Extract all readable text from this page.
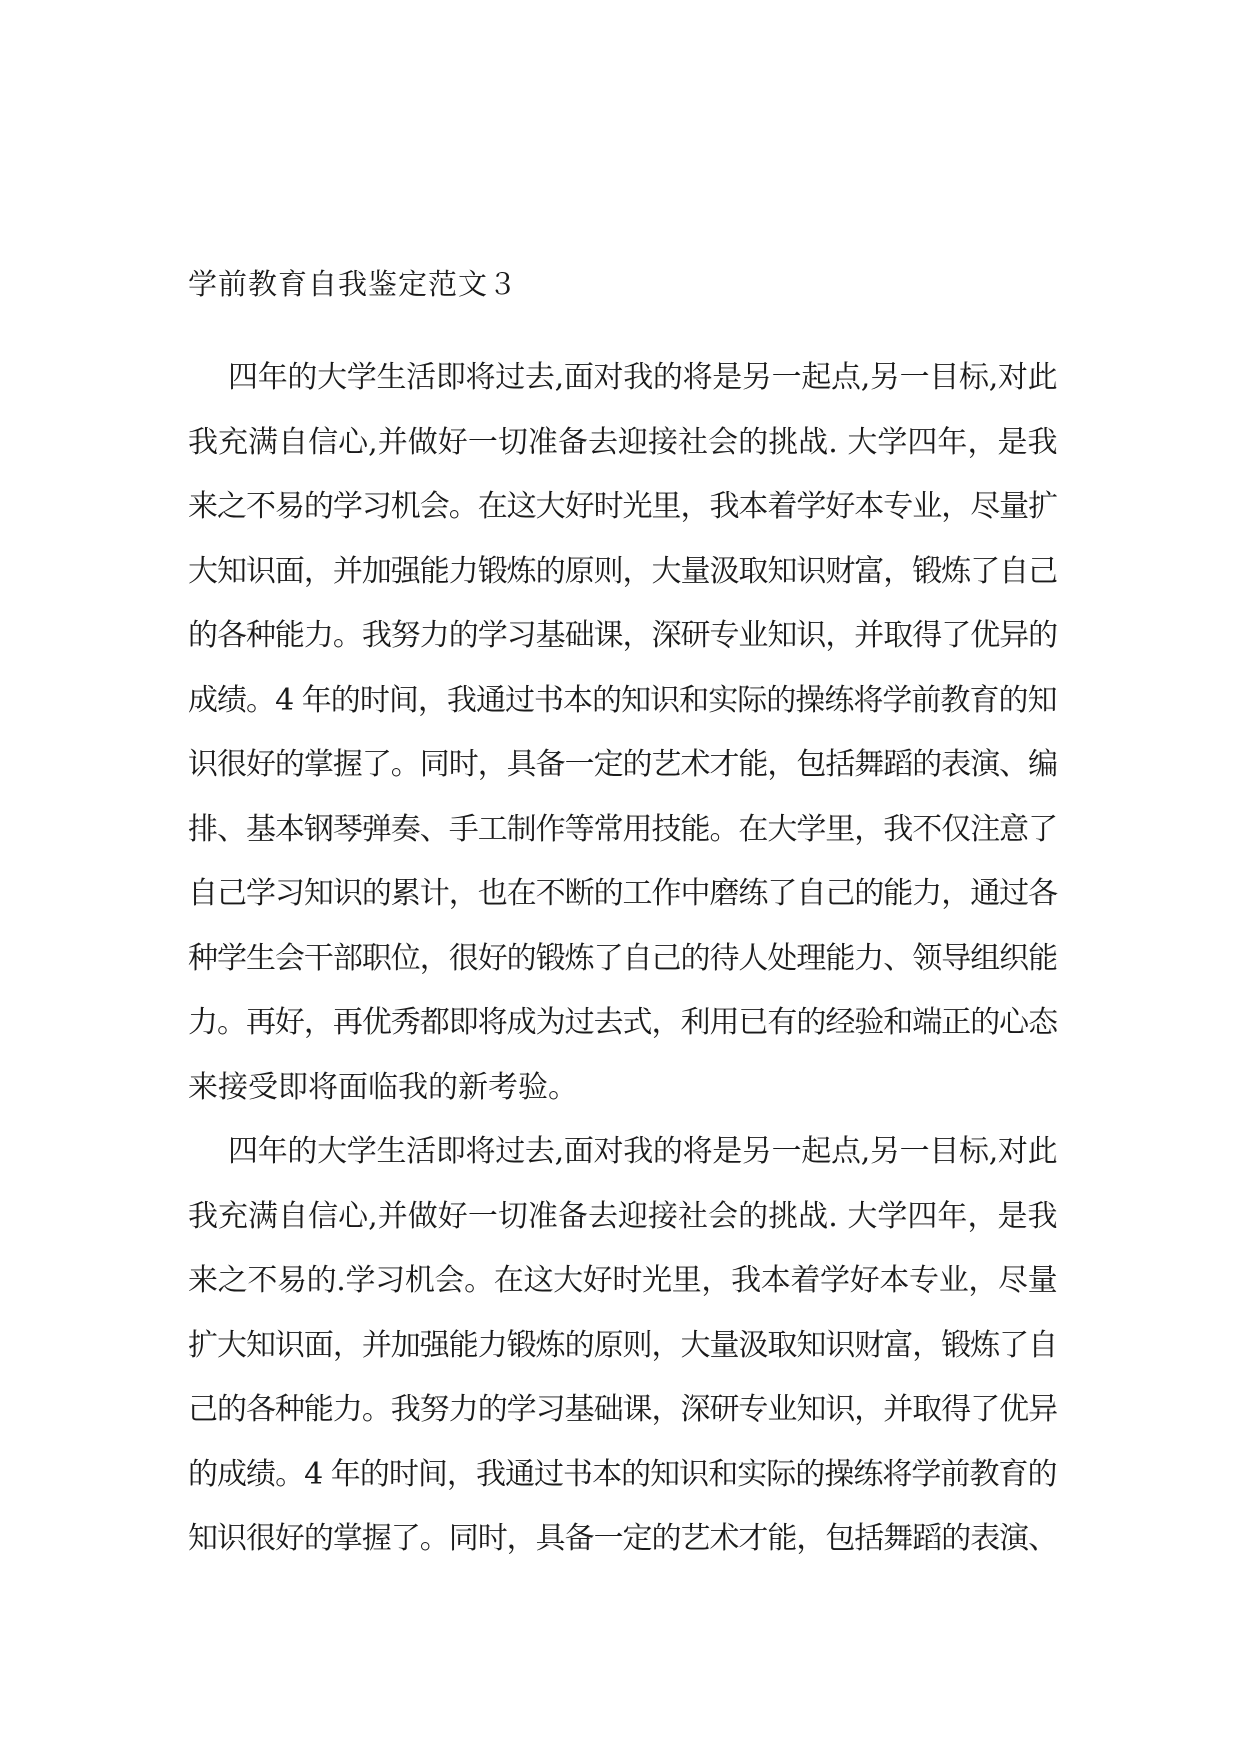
学前教育自我鉴定范文３
四年的大学生活即将过去,面对我的将是另一起点,另一目标,对此
我充满自信心,并做好一切准备去迎接社会的挑战. 大学四年，是我
来之不易的学习机会。在这大好时光里，我本着学好本专业，尽量扩
大知识面，并加强能力锻炼的原则，大量汲取知识财富，锻炼了自己
的各种能力。我努力的学习基础课，深研专业知识，并取得了优异的
成绩。4 年的时间，我通过书本的知识和实际的操练将学前教育的知
识很好的掌握了。同时，具备一定的艺术才能，包括舞蹈的表演、编
排、基本钢琴弹奏、手工制作等常用技能。在大学里，我不仅注意了
自己学习知识的累计，也在不断的工作中磨练了自己的能力，通过各
种学生会干部职位，很好的锻炼了自己的待人处理能力、领导组织能
力。再好，再优秀都即将成为过去式，利用已有的经验和端正的心态
来接受即将面临我的新考验。
四年的大学生活即将过去,面对我的将是另一起点,另一目标,对此
我充满自信心,并做好一切准备去迎接社会的挑战. 大学四年，是我
来之不易的.学习机会。在这大好时光里，我本着学好本专业，尽量
扩大知识面，并加强能力锻炼的原则，大量汲取知识财富，锻炼了自
己的各种能力。我努力的学习基础课，深研专业知识，并取得了优异
的成绩。4 年的时间，我通过书本的知识和实际的操练将学前教育的
知识很好的掌握了。同时，具备一定的艺术才能，包括舞蹈的表演、
